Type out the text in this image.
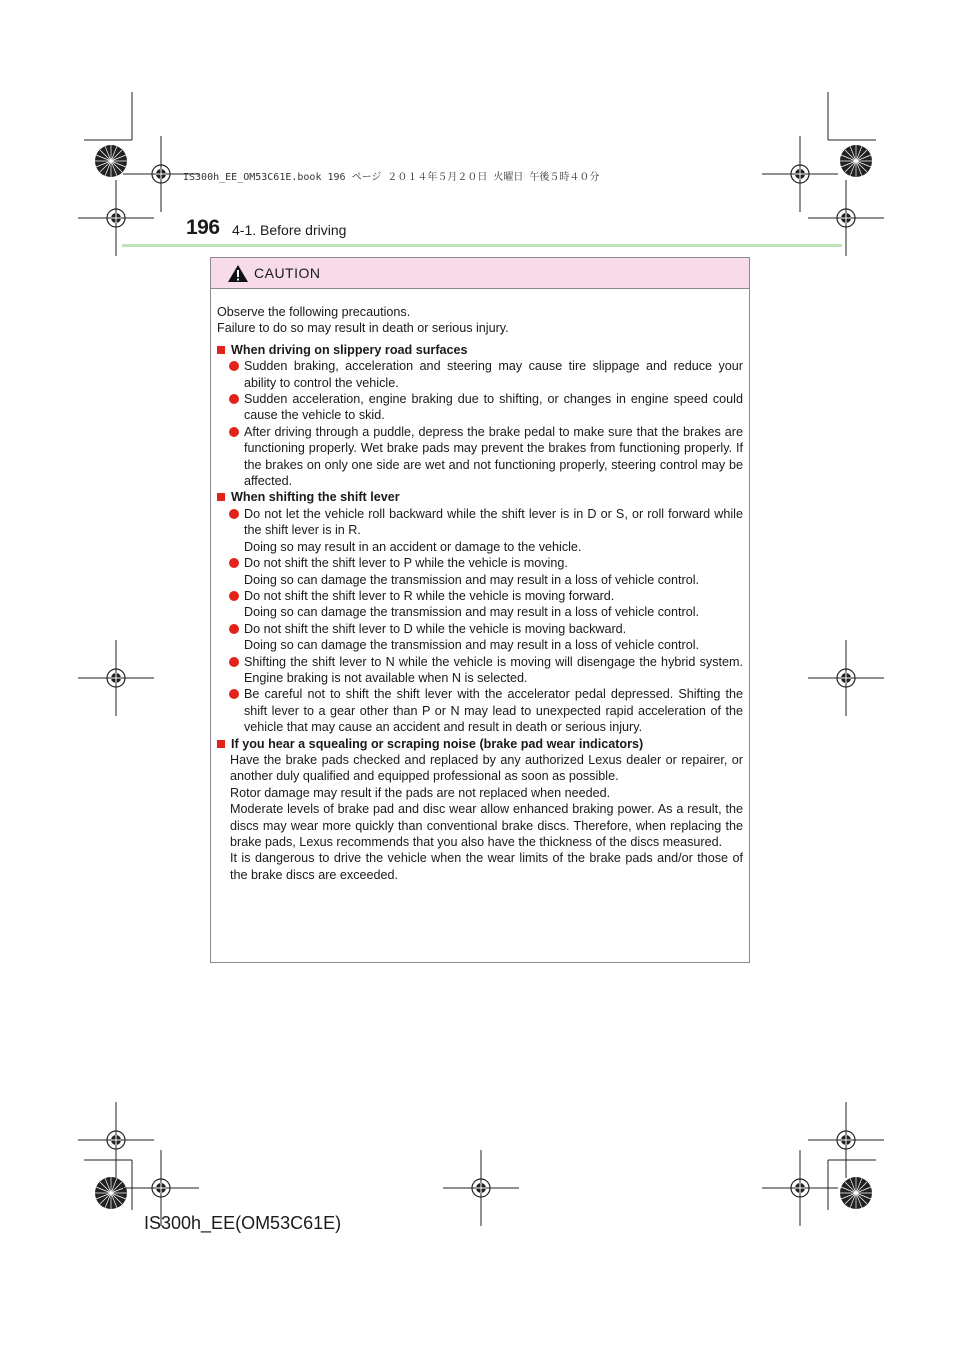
IS300h_EE_OM53C61E.book 196 ページ ２０１４年５月２０日 火曜日 午後５時４０分
196 4-1. Before driving
CAUTION

Observe the following precautions.

Failure to do so may result in death or serious injury.

When driving on slippery road surfaces

Sudden braking, acceleration and steering may cause tire slippage and reduce your ability to control the vehicle.

Sudden acceleration, engine braking due to shifting, or changes in engine speed could cause the vehicle to skid.

After driving through a puddle, depress the brake pedal to make sure that the brakes are functioning properly. Wet brake pads may prevent the brakes from functioning properly. If the brakes on only one side are wet and not functioning properly, steering control may be affected.

When shifting the shift lever

Do not let the vehicle roll backward while the shift lever is in D or S, or roll forward while the shift lever is in R.
Doing so may result in an accident or damage to the vehicle.

Do not shift the shift lever to P while the vehicle is moving.
Doing so can damage the transmission and may result in a loss of vehicle control.

Do not shift the shift lever to R while the vehicle is moving forward.
Doing so can damage the transmission and may result in a loss of vehicle control.

Do not shift the shift lever to D while the vehicle is moving backward.
Doing so can damage the transmission and may result in a loss of vehicle control.

Shifting the shift lever to N while the vehicle is moving will disengage the hybrid system. Engine braking is not available when N is selected.

Be careful not to shift the shift lever with the accelerator pedal depressed. Shifting the shift lever to a gear other than P or N may lead to unexpected rapid acceleration of the vehicle that may cause an accident and result in death or serious injury.

If you hear a squealing or scraping noise (brake pad wear indicators)

Have the brake pads checked and replaced by any authorized Lexus dealer or repairer, or another duly qualified and equipped professional as soon as possible.
Rotor damage may result if the pads are not replaced when needed.

Moderate levels of brake pad and disc wear allow enhanced braking power. As a result, the discs may wear more quickly than conventional brake discs. Therefore, when replacing the brake pads, Lexus recommends that you also have the thickness of the discs measured.
It is dangerous to drive the vehicle when the wear limits of the brake pads and/or those of the brake discs are exceeded.

IS300h_EE(OM53C61E)
